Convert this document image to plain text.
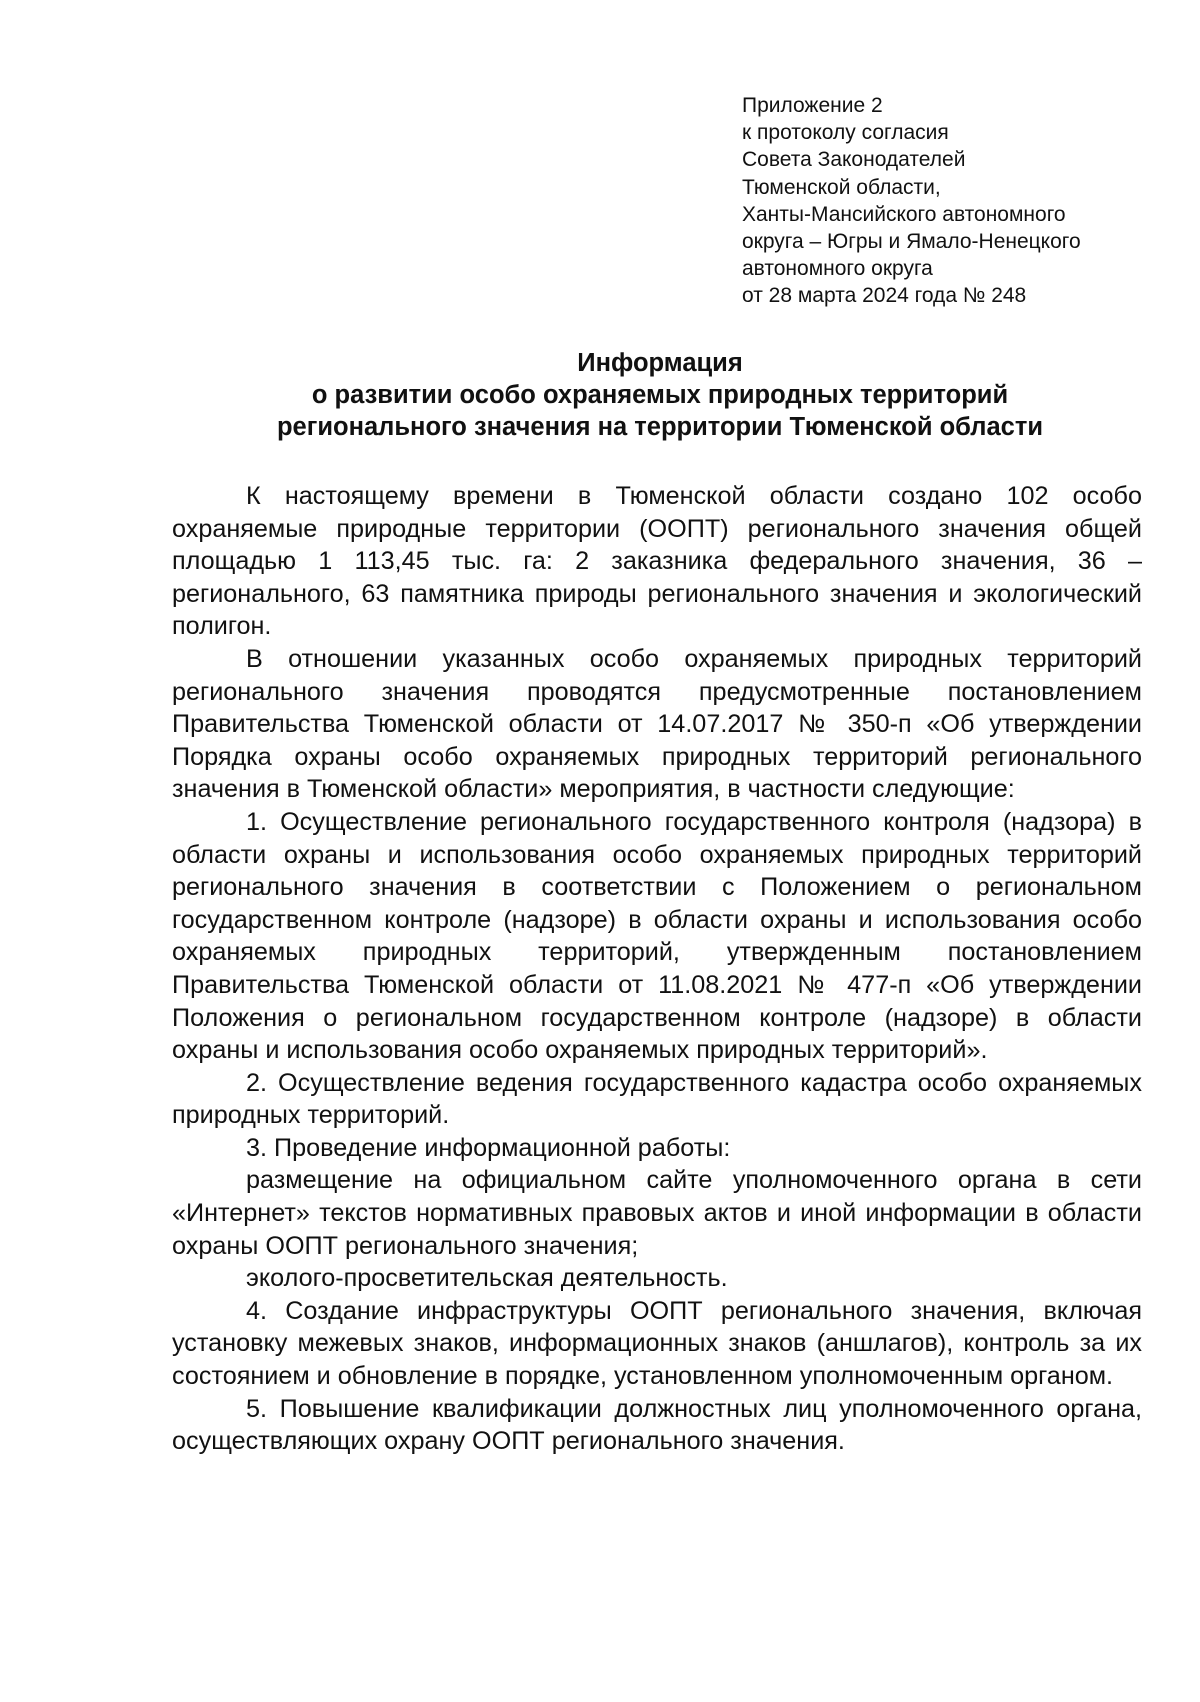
Приложение 2
к протоколу согласия
Совета Законодателей
Тюменской области,
Ханты-Мансийского автономного
округа – Югры и Ямало-Ненецкого
автономного округа
от 28 марта 2024 года № 248
Информация
о развитии особо охраняемых природных территорий
регионального значения на территории Тюменской области

К настоящему времени в Тюменской области создано 102 особо охраняемые природные территории (ООПТ) регионального значения общей площадью 1 113,45 тыс. га: 2 заказника федерального значения, 36 – регионального, 63 памятника природы регионального значения и экологический полигон.

В отношении указанных особо охраняемых природных территорий регионального значения проводятся предусмотренные постановлением Правительства Тюменской области от 14.07.2017 № 350-п «Об утверждении Порядка охраны особо охраняемых природных территорий регионального значения в Тюменской области» мероприятия, в частности следующие:

1. Осуществление регионального государственного контроля (надзора) в области охраны и использования особо охраняемых природных территорий регионального значения в соответствии с Положением о региональном государственном контроле (надзоре) в области охраны и использования особо охраняемых природных территорий, утвержденным постановлением Правительства Тюменской области от 11.08.2021 № 477-п «Об утверждении Положения о региональном государственном контроле (надзоре) в области охраны и использования особо охраняемых природных территорий».

2. Осуществление ведения государственного кадастра особо охраняемых природных территорий.

3. Проведение информационной работы:

размещение на официальном сайте уполномоченного органа в сети «Интернет» текстов нормативных правовых актов и иной информации в области охраны ООПТ регионального значения;

эколого-просветительская деятельность.

4. Создание инфраструктуры ООПТ регионального значения, включая установку межевых знаков, информационных знаков (аншлагов), контроль за их состоянием и обновление в порядке, установленном уполномоченным органом.

5. Повышение квалификации должностных лиц уполномоченного органа, осуществляющих охрану ООПТ регионального значения.
